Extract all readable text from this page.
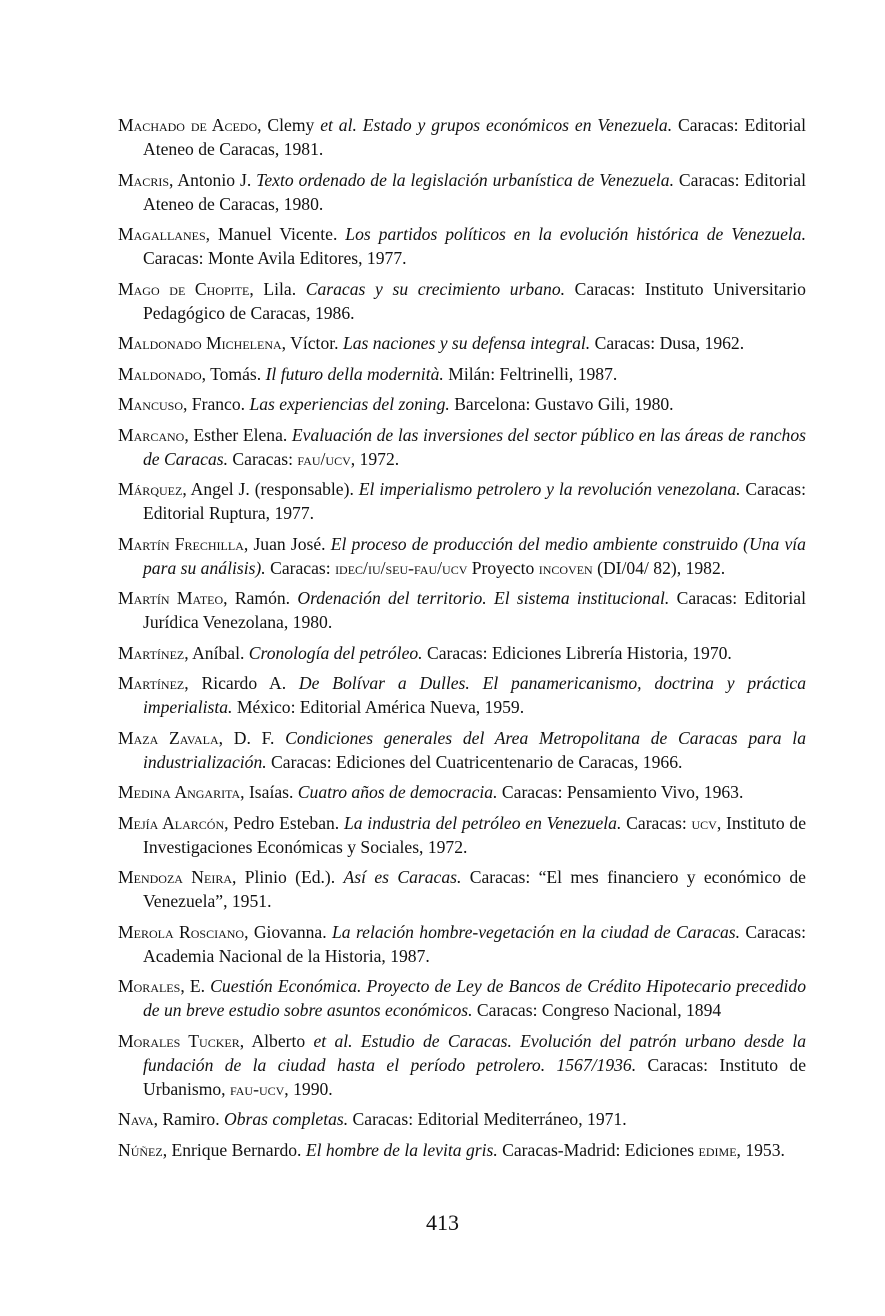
Machado de Acedo, Clemy et al. Estado y grupos económicos en Venezuela. Caracas: Editorial Ateneo de Caracas, 1981.

Macris, Antonio J. Texto ordenado de la legislación urbanística de Venezuela. Caracas: Editorial Ateneo de Caracas, 1980.

Magallanes, Manuel Vicente. Los partidos políticos en la evolución histórica de Venezuela. Caracas: Monte Avila Editores, 1977.

Mago de Chopite, Lila. Caracas y su crecimiento urbano. Caracas: Instituto Universitario Pedagógico de Caracas, 1986.

Maldonado Michelena, Víctor. Las naciones y su defensa integral. Caracas: Dusa, 1962.

Maldonado, Tomás. Il futuro della modernità. Milán: Feltrinelli, 1987.

Mancuso, Franco. Las experiencias del zoning. Barcelona: Gustavo Gili, 1980.

Marcano, Esther Elena. Evaluación de las inversiones del sector público en las áreas de ranchos de Caracas. Caracas: fau/ucv, 1972.

Márquez, Angel J. (responsable). El imperialismo petrolero y la revolución venezolana. Caracas: Editorial Ruptura, 1977.

Martín Frechilla, Juan José. El proceso de producción del medio ambiente construido (Una vía para su análisis). Caracas: idec/iu/seu-fau/ucv Proyecto incoven (DI/04/ 82), 1982.

Martín Mateo, Ramón. Ordenación del territorio. El sistema institucional. Caracas: Editorial Jurídica Venezolana, 1980.

Martínez, Aníbal. Cronología del petróleo. Caracas: Ediciones Librería Historia, 1970.

Martínez, Ricardo A. De Bolívar a Dulles. El panamericanismo, doctrina y práctica imperialista. México: Editorial América Nueva, 1959.

Maza Zavala, D. F. Condiciones generales del Area Metropolitana de Caracas para la industrialización. Caracas: Ediciones del Cuatricentenario de Caracas, 1966.

Medina Angarita, Isaías. Cuatro años de democracia. Caracas: Pensamiento Vivo, 1963.

Mejía Alarcón, Pedro Esteban. La industria del petróleo en Venezuela. Caracas: ucv, Instituto de Investigaciones Económicas y Sociales, 1972.

Mendoza Neira, Plinio (Ed.). Así es Caracas. Caracas: “El mes financiero y económico de Venezuela”, 1951.

Merola Rosciano, Giovanna. La relación hombre-vegetación en la ciudad de Caracas. Caracas: Academia Nacional de la Historia, 1987.

Morales, E. Cuestión Económica. Proyecto de Ley de Bancos de Crédito Hipotecario precedido de un breve estudio sobre asuntos económicos. Caracas: Congreso Nacional, 1894

Morales Tucker, Alberto et al. Estudio de Caracas. Evolución del patrón urbano desde la fundación de la ciudad hasta el período petrolero. 1567/1936. Caracas: Instituto de Urbanismo, fau-ucv, 1990.

Nava, Ramiro. Obras completas. Caracas: Editorial Mediterráneo, 1971.

Núñez, Enrique Bernardo. El hombre de la levita gris. Caracas-Madrid: Ediciones edime, 1953.

413
